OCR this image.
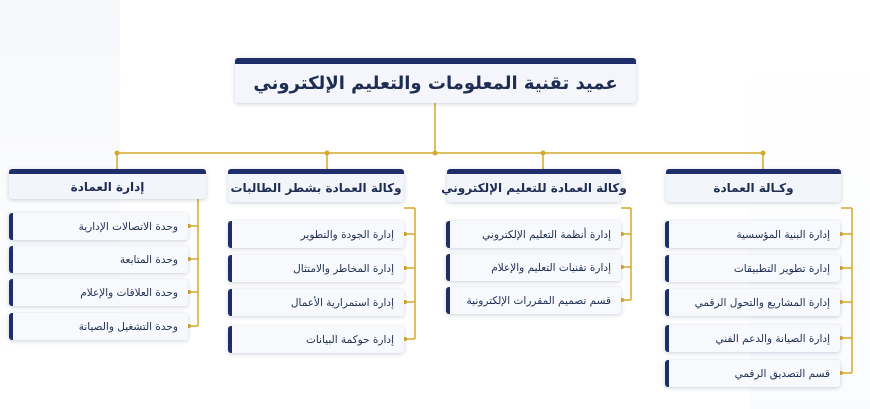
عميد تقنية المعلومات والتعليم الإلكتروني
وكـالة العمادة
إدارة البنية المؤسسية
إدارة تطوير التطبيقات
إدارة المشاريع والتحول الرقمي
إدارة الصيانة والدعم الفني
قسم التصديق الرقمي
وكالة العمادة للتعليم الإلكتروني
إدارة أنظمة التعليم الإلكتروني
إدارة تقنيات التعليم والإعلام
قسم تصميم المقررات الإلكترونية
وكالة العمادة بشطر الطالبات
إدارة الجودة والتطوير
إدارة المخاطر والامتثال
إدارة استمرارية الأعمال
إدارة حوكمة البيانات
إدارة العمادة
وحدة الاتصالات الإدارية
وحدة المتابعة
وحدة العلاقات والإعلام
وحدة التشغيل والصيانة
